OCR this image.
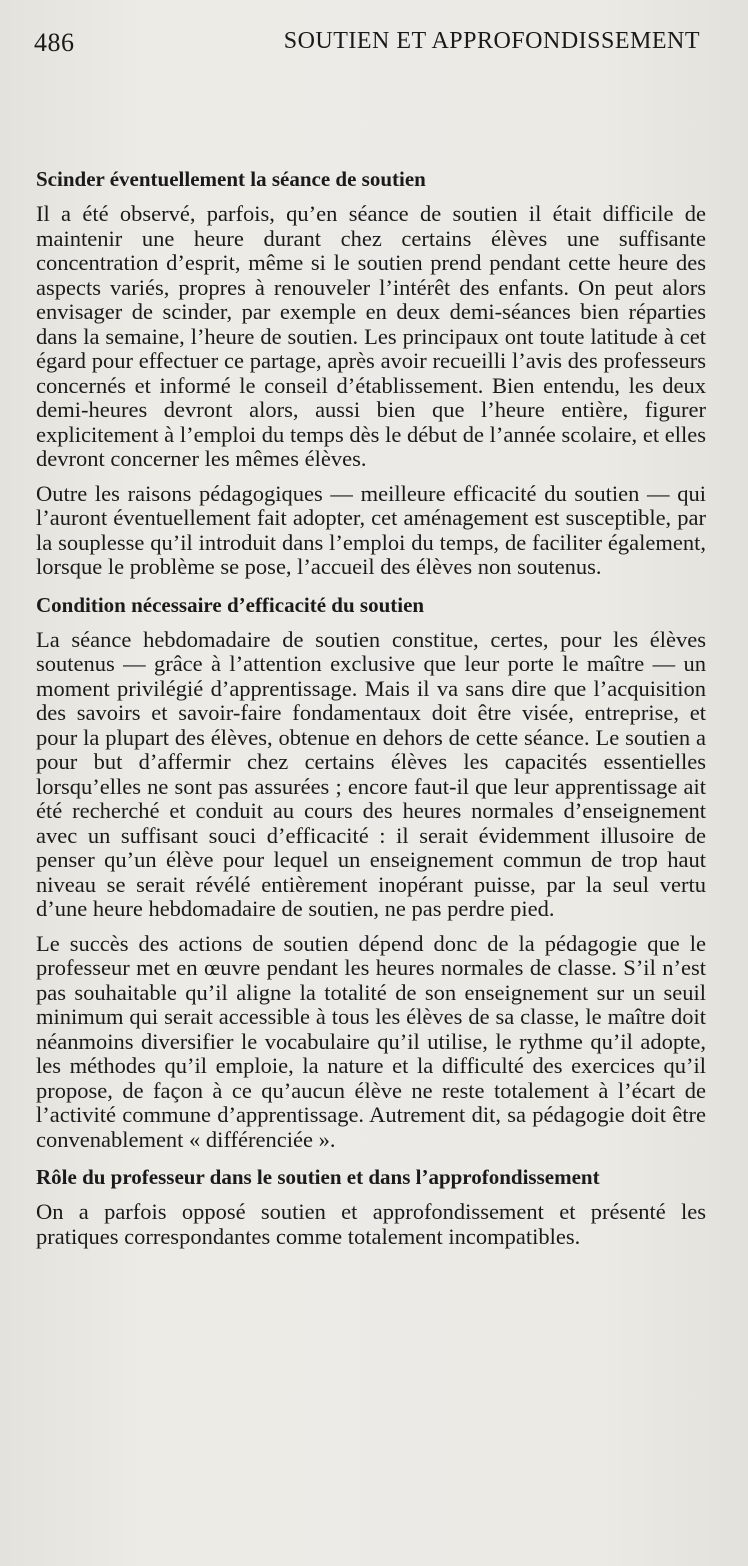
486	SOUTIEN ET APPROFONDISSEMENT
Scinder éventuellement la séance de soutien

Il a été observé, parfois, qu’en séance de soutien il était difficile de maintenir une heure durant chez certains élèves une suffisante concentration d’esprit, même si le soutien prend pendant cette heure des aspects variés, propres à renouveler l’intérêt des enfants. On peut alors envisager de scinder, par exemple en deux demi-séances bien réparties dans la semaine, l’heure de soutien. Les principaux ont toute latitude à cet égard pour effectuer ce partage, après avoir recueilli l’avis des professeurs concernés et informé le conseil d’établissement. Bien entendu, les deux demi-heures devront alors, aussi bien que l’heure entière, figurer explicitement à l’emploi du temps dès le début de l’année scolaire, et elles devront concerner les mêmes élèves.

Outre les raisons pédagogiques — meilleure efficacité du soutien — qui l’auront éventuellement fait adopter, cet aménagement est susceptible, par la souplesse qu’il introduit dans l’emploi du temps, de faciliter également, lorsque le problème se pose, l’accueil des élèves non soutenus.

Condition nécessaire d’efficacité du soutien

La séance hebdomadaire de soutien constitue, certes, pour les élèves soutenus — grâce à l’attention exclusive que leur porte le maître — un moment privilégié d’apprentissage. Mais il va sans dire que l’acquisition des savoirs et savoir-faire fondamentaux doit être visée, entreprise, et pour la plupart des élèves, obtenue en dehors de cette séance. Le soutien a pour but d’affermir chez certains élèves les capacités essentielles lorsqu’elles ne sont pas assurées ; encore faut-il que leur apprentissage ait été recherché et conduit au cours des heures normales d’enseignement avec un suffisant souci d’efficacité : il serait évidemment illusoire de penser qu’un élève pour lequel un enseignement commun de trop haut niveau se serait révélé entièrement inopérant puisse, par la seul vertu d’une heure hebdomadaire de soutien, ne pas perdre pied.

Le succès des actions de soutien dépend donc de la pédagogie que le professeur met en œuvre pendant les heures normales de classe. S’il n’est pas souhaitable qu’il aligne la totalité de son enseignement sur un seuil minimum qui serait accessible à tous les élèves de sa classe, le maître doit néanmoins diversifier le vocabulaire qu’il utilise, le rythme qu’il adopte, les méthodes qu’il emploie, la nature et la difficulté des exercices qu’il propose, de façon à ce qu’aucun élève ne reste totalement à l’écart de l’activité commune d’apprentissage. Autrement dit, sa pédagogie doit être convenablement « différenciée ».

Rôle du professeur dans le soutien et dans l’approfondissement

On a parfois opposé soutien et approfondissement et présenté les pratiques correspondantes comme totalement incompatibles.
